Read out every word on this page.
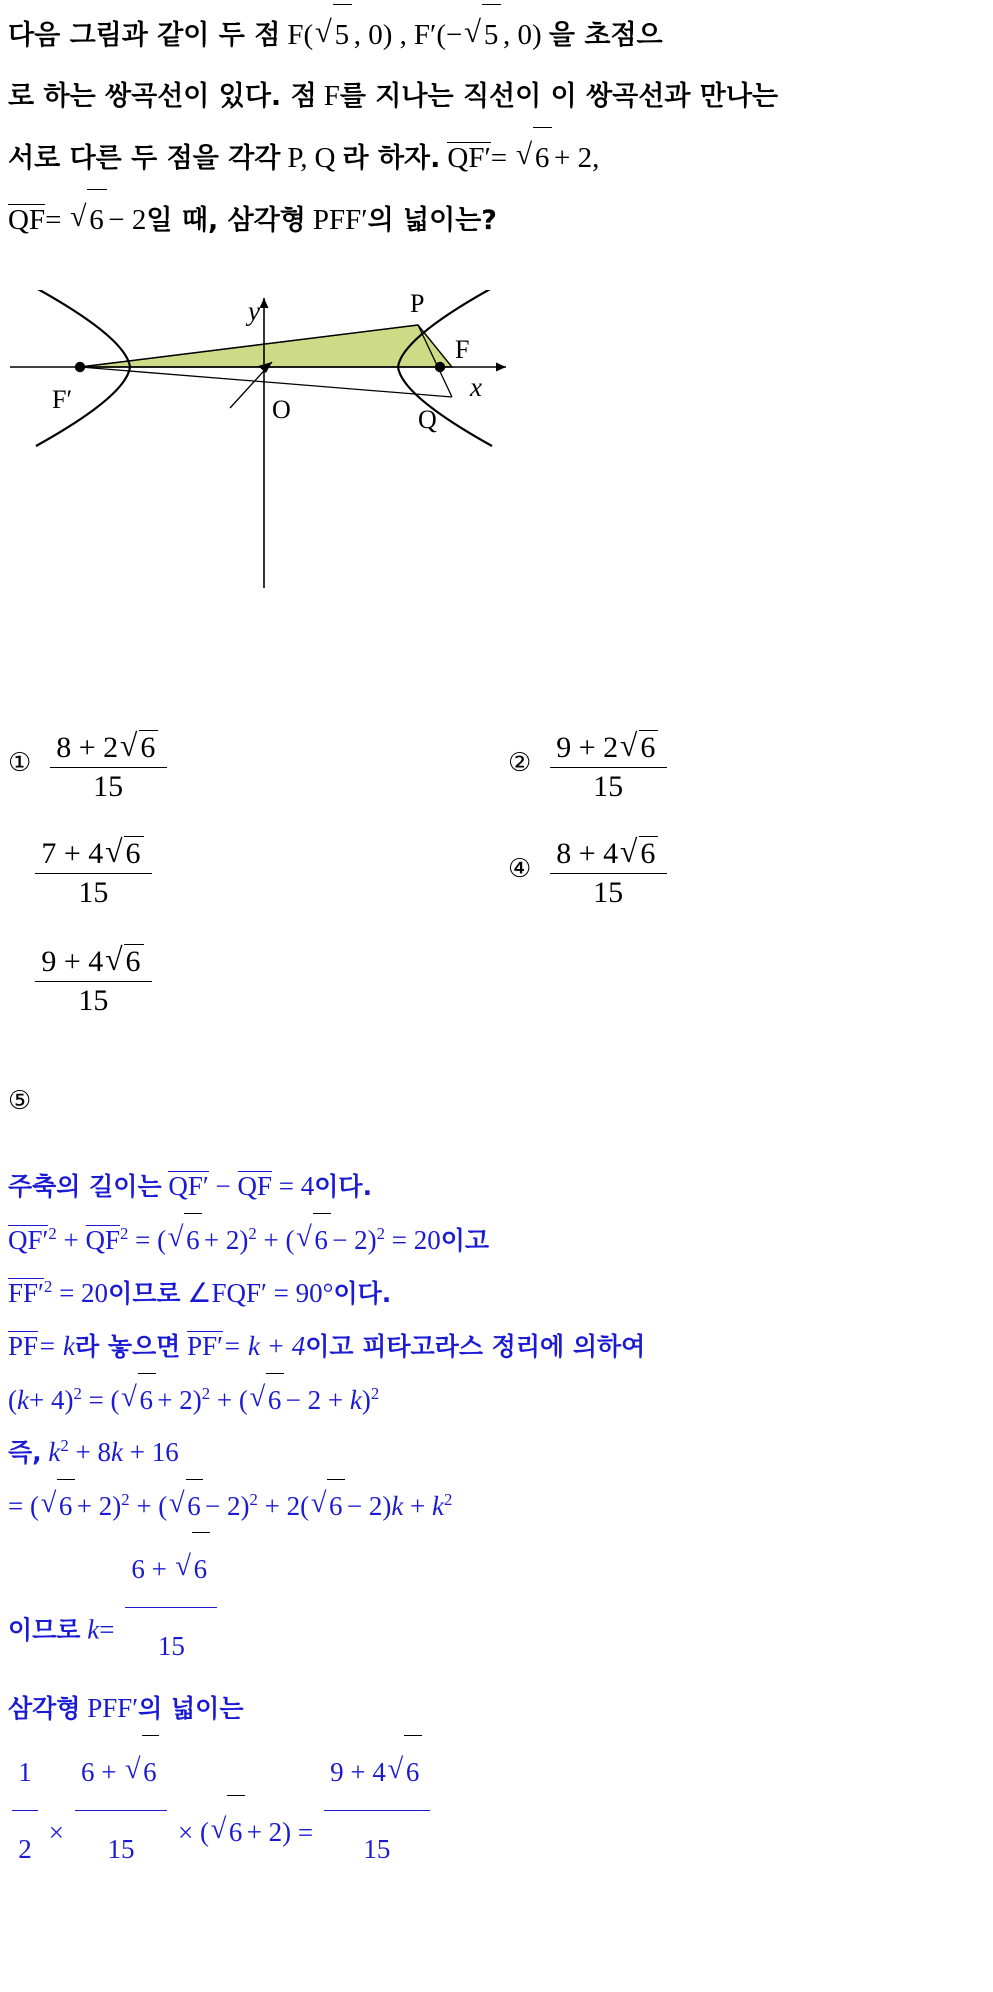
다음 그림과 같이 두 점 F( √ 5 , 0) , F′(− √ 5 , 0) 을 초점으
로 하는 쌍곡선이 있다. 점 F를 지나는 직선이 이 쌍곡선과 만나는
서로 다른 두 점을 각각 P, Q 라 하자. QF′= √ 6 + 2,
QF= √ 6 − 2일 때, 삼각형 PFF′의 넓이는?
y
x
O
F
F′
P
Q
① $\frac{8 + 2 √ 6}{15}$	② $\frac{9 + 2 √ 6}{15}$
$\frac{7 + 4 √ 6}{15}$	④ $\frac{8 + 4 √ 6}{15}$
$\frac{9 + 4 √ 6}{15}$
⑤
주축의 길이는 QF′ − QF = 4이다.
$QF'^2 + QF^2$ = ( √ 6 + 2)$^2$ + ( √ 6 − 2)$^2$ = 20이고
$FF'^2 = 20$이므로 ∠FQF′ = 90°이다.
PF= k라 놓으면 PF′= k + 4이고 피타고라스 정리에 의하여
$(k+ 4)^2$ = ( √ 6 + 2)$^2$ + ( √ 6 − 2 + k)$^2$
즉, $k^2 + 8k + 16$
= ( √ 6 + 2)$^2$ + ( √ 6 − 2)$^2$ + 2( √ $6 - 2)k + k^2$
이므로 $k= \frac{6 + √ 6}{15}$
삼각형 PFF′의 넓이는
$\frac{1}{2} \times \frac{6 + √ 6}{15}$ × ( √ $6 + 2) = \frac{9 + 4 √ 6}{15}$
